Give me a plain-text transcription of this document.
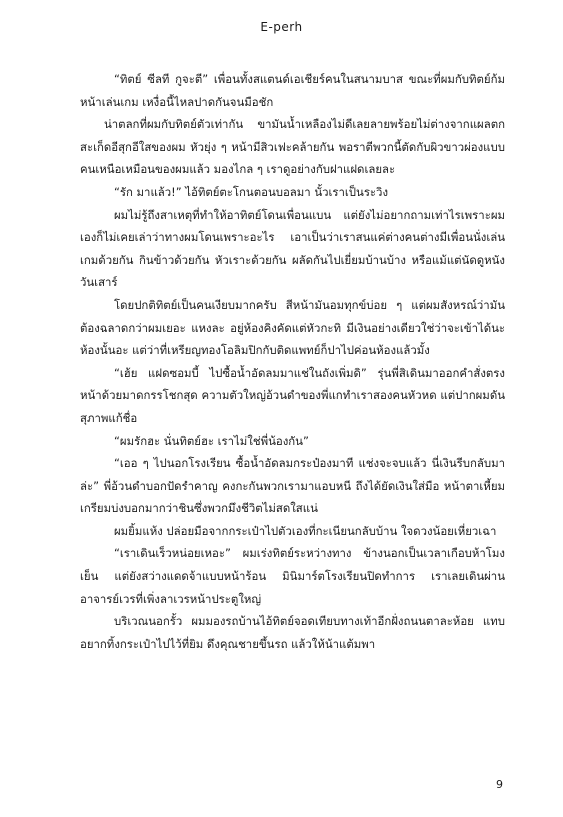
E-perh

“ทิตย์ ซีลที กูจะตี” เพื่อนทั้งสแตนด์เอเชียร์คนในสนามบาส ขณะที่ผมกับทิตย์ก้มหน้าเล่นเกม เหงื่อนี้ไหลปาดกันจนมือชัก

น่าตลกที่ผมกับทิตย์ตัวเท่ากัน ขามันน้ำเหลืองไม่ดีเลยลายพร้อยไม่ต่างจากแผลตกสะเก็ดอีสุกอีใสของผม หัวยุ่ง ๆ หน้ามีสิวเฟะคล้ายกัน พอราตีพวกนี้ตัดกับผิวขาวผ่องแบบคนเหนือเหมือนของผมแล้ว มองไกล ๆ เราดูอย่างกับฝาแฝดเลยละ

“รัก มาแล้ว!” ไอ้ทิตย์ตะโกนตอนบอลมา นั้วเราเป็นระวิง

ผมไม่รู้ถึงสาเหตุที่ทำให้อาทิตย์โดนเพื่อนแบน แต่ยังไม่อยากถามเท่าไรเพราะผมเองก็ไม่เคยเล่าว่าทางผมโดนเพราะอะไร เอาเป็นว่าเราสนแค่ต่างคนต่างมีเพื่อนนั่งเล่นเกมด้วยกัน กินข้าวด้วยกัน หัวเราะด้วยกัน ผลัดกันไปเยี่ยมบ้านบ้าง หรือแม้แต่นัดดูหนังวันเสาร์

โดยปกติทิตย์เป็นคนเงียบมากครับ สีหน้ามันอมทุกข์บ่อย ๆ แต่ผมสังหรณ์ว่ามันต้องฉลาดกว่าผมเยอะ แหงละ อยู่ห้องคิงคัดแต่หัวกะทิ มีเงินอย่างเดียวใช่ว่าจะเข้าได้นะห้องนั้นอะ แต่ว่าที่เหรียญทองโอลิมปิกกับติดแพทย์ก็ปาไปค่อนห้องแล้วมั้ง

“เฮ้ย แฝดซอมบี้ ไปซื้อน้ำอัดลมมาแช่ในถังเพิ่มดิ” รุ่นพี่สิเดินมาออกคำสั่งตรงหน้าด้วยมาดกรรโชกสุด ความตัวใหญ่อ้วนดำของพี่แกทำเราสองคนหัวหด แต่ปากผมดันสุภาพแก้ชื่อ

“ผมรักฮะ นั่นทิตย์ฮะ เราไม่ใช่พี่น้องกัน”

“เออ ๆ ไปนอกโรงเรียน ซื้อน้ำอัดลมกระป๋องมาที แช่งจะจบแล้ว นี่เงินรีบกลับมาล่ะ” พี่อ้วนดำบอกปัดรำคาญ คงกะกันพวกเรามาแอบหนี ถึงได้ยัดเงินใส่มือ หน้าตาเหี้ยมเกรียมบ่งบอกมากว่าชินซึ่งพวกมึงชีวิตไม่สดใสแน่

ผมยิ้มแห้ง ปล่อยมือจากกระเป๋าไปตัวเองที่กะเนียนกลับบ้าน ใจดวงน้อยเหี่ยวเฉา

“เราเดินเร็วหน่อยเหอะ” ผมเร่งทิตย์ระหว่างทาง ข้างนอกเป็นเวลาเกือบห้าโมงเย็น แต่ยังสว่างแดดจ้าแบบหน้าร้อน มินิมาร์ตโรงเรียนปิดทำการ เราเลยเดินผ่านอาจารย์เวรที่เพิ่งลาเวรหน้าประตูใหญ่

บริเวณนอกรั้ว ผมมองรถบ้านไอ้ทิตย์จอดเทียบทางเท้าอีกฝั่งถนนตาละห้อย แทบอยากทิ้งกระเป๋าไปไว้ที่ยิม ดึงคุณชายขึ้นรถ แล้วให้น้าแต้มพา

9
